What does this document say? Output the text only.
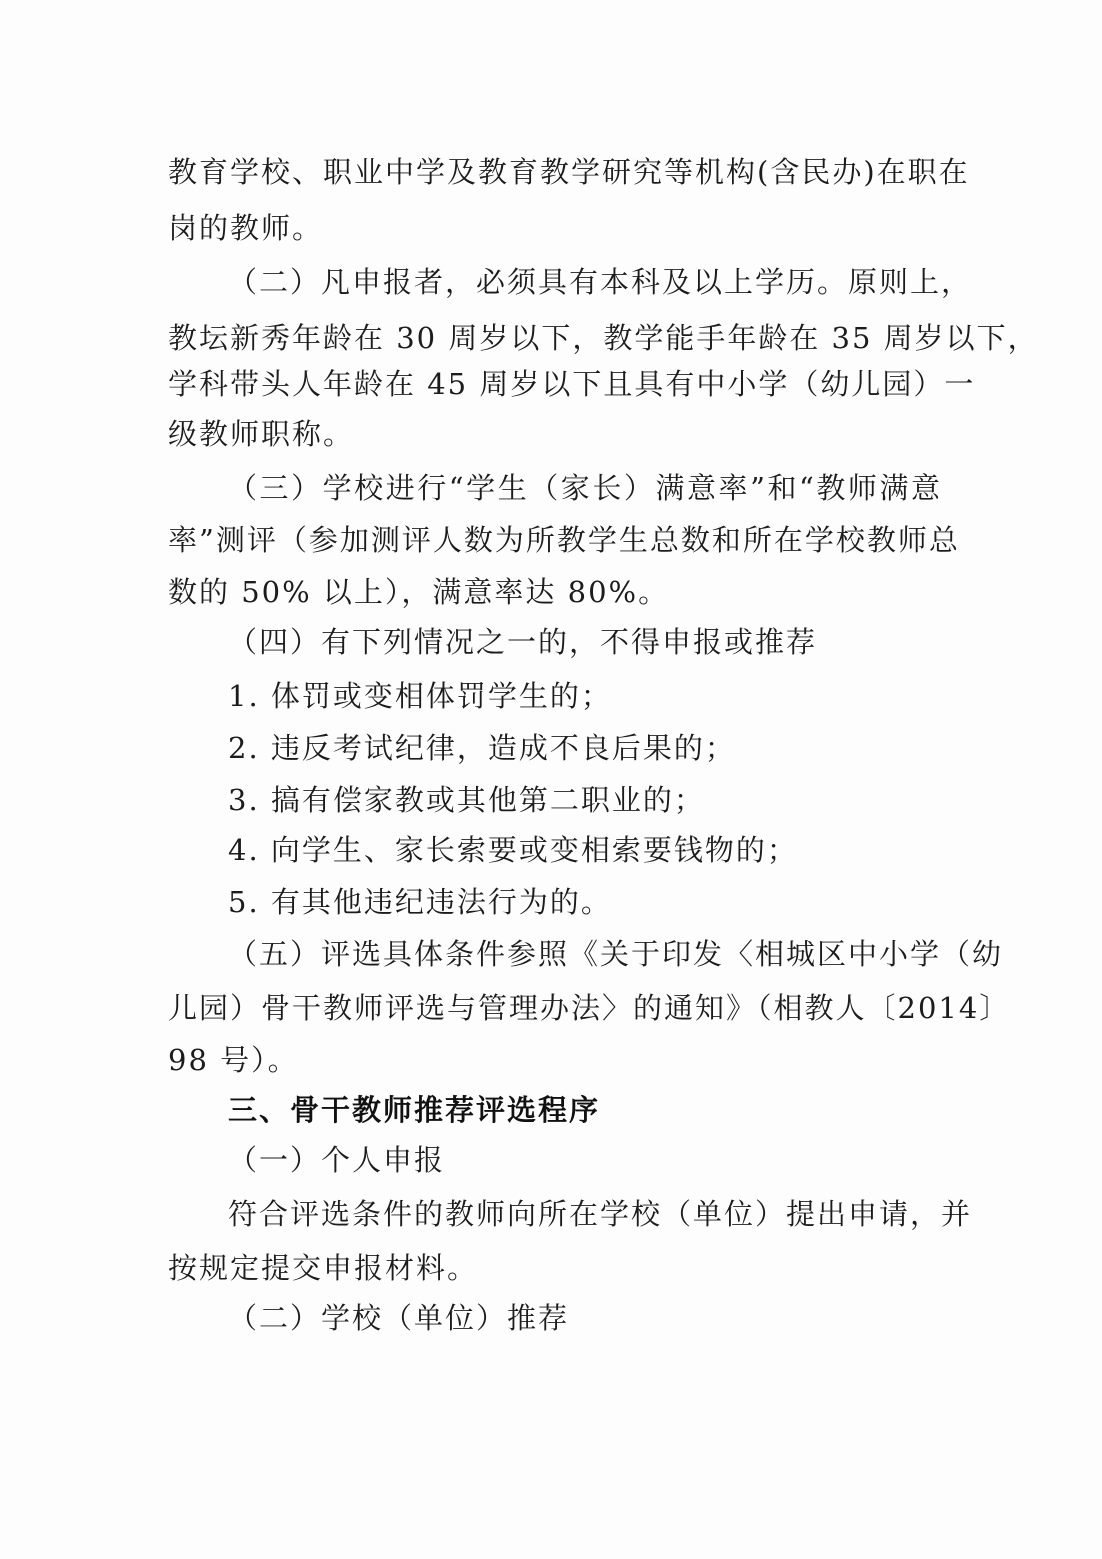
教育学校、职业中学及教育教学研究等机构(含民办)在职在

岗的教师。

（二）凡申报者，必须具有本科及以上学历。原则上，

教坛新秀年龄在 30 周岁以下，教学能手年龄在 35 周岁以下，

学科带头人年龄在 45 周岁以下且具有中小学（幼儿园）一

级教师职称。

（三）学校进行“学生（家长）满意率”和“教师满意

率”测评（参加测评人数为所教学生总数和所在学校教师总

数的 50% 以上），满意率达 80%。

（四）有下列情况之一的，不得申报或推荐

1. 体罚或变相体罚学生的；

2. 违反考试纪律，造成不良后果的；

3. 搞有偿家教或其他第二职业的；

4. 向学生、家长索要或变相索要钱物的；

5. 有其他违纪违法行为的。

（五）评选具体条件参照《关于印发〈相城区中小学（幼

儿园）骨干教师评选与管理办法〉的通知》（相教人〔2014〕

98 号）。

三、骨干教师推荐评选程序

（一）个人申报

符合评选条件的教师向所在学校（单位）提出申请，并

按规定提交申报材料。

（二）学校（单位）推荐
